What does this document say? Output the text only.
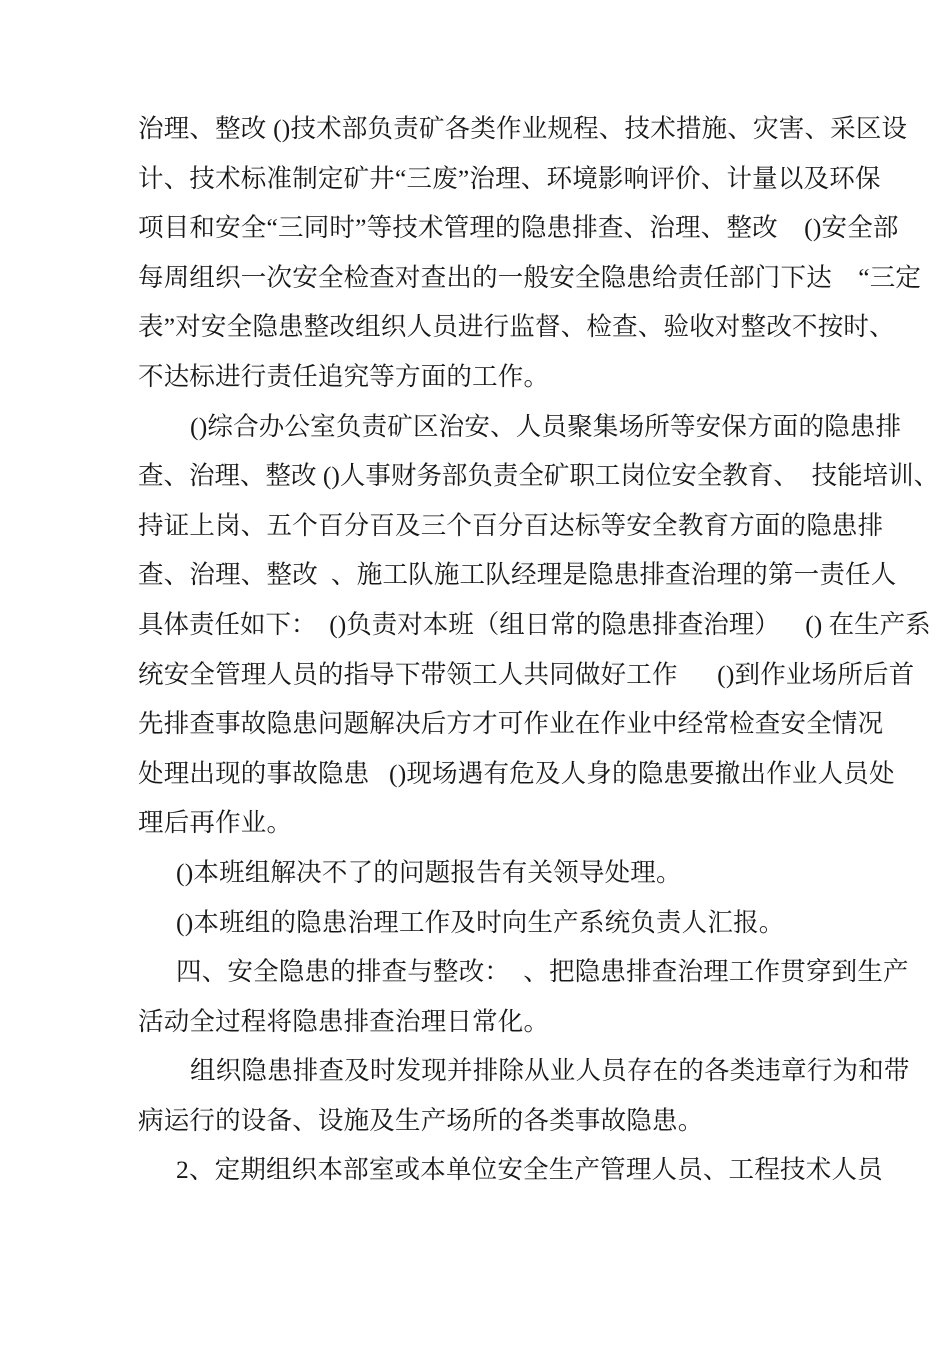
治理、整改 ()技术部负责矿各类作业规程、技术措施、灾害、采区设
计、技术标准制定矿井“三废”治理、环境影响评价、计量以及环保
项目和安全“三同时”等技术管理的隐患排查、治理、整改    ()安全部
每周组织一次安全检查对查出的一般安全隐患给责任部门下达    “三定
表”对安全隐患整改组织人员进行监督、检查、验收对整改不按时、
不达标进行责任追究等方面的工作。
()综合办公室负责矿区治安、人员聚集场所等安保方面的隐患排
查、治理、整改 ()人事财务部负责全矿职工岗位安全教育、  技能培训、
持证上岗、五个百分百及三个百分百达标等安全教育方面的隐患排
查、治理、整改  、施工队施工队经理是隐患排查治理的第一责任人
具体责任如下：  ()负责对本班（组日常的隐患排查治理）    () 在生产系
统安全管理人员的指导下带领工人共同做好工作      ()到作业场所后首
先排查事故隐患问题解决后方才可作业在作业中经常检查安全情况
处理出现的事故隐患   ()现场遇有危及人身的隐患要撤出作业人员处
理后再作业。
()本班组解决不了的问题报告有关领导处理。
()本班组的隐患治理工作及时向生产系统负责人汇报。
四、安全隐患的排查与整改：  、把隐患排查治理工作贯穿到生产
活动全过程将隐患排查治理日常化。
组织隐患排查及时发现并排除从业人员存在的各类违章行为和带
病运行的设备、设施及生产场所的各类事故隐患。
2、定期组织本部室或本单位安全生产管理人员、工程技术人员
